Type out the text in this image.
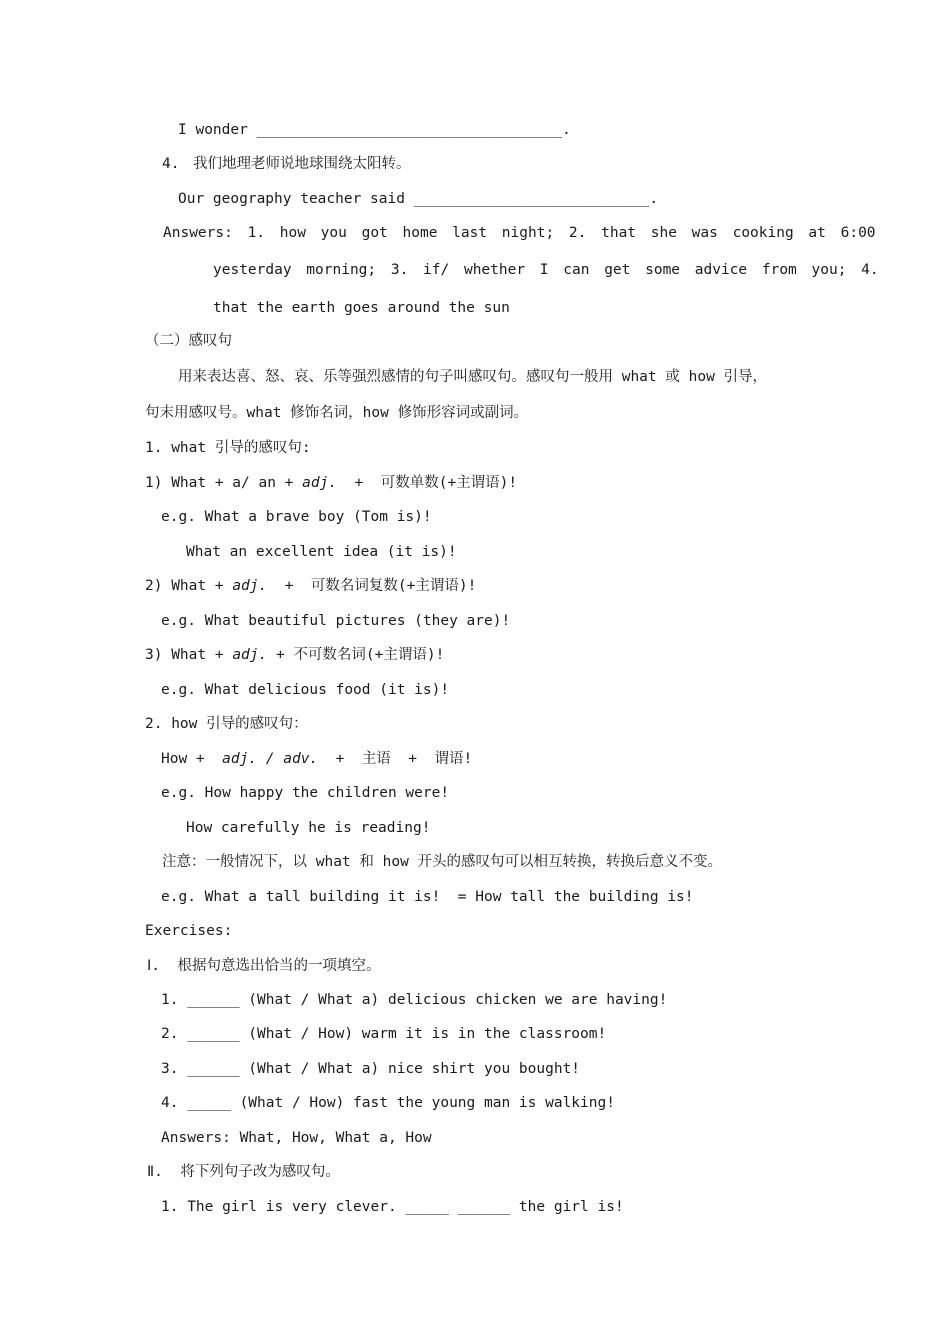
I wonder ___________________________________.
4. 我们地理老师说地球围绕太阳转。
Our geography teacher said ___________________________.
Answers: 1. how you got home last night; 2. that she was cooking at 6:00
yesterday morning; 3. if/ whether I can get some advice from you; 4.
that the earth goes around the sun
（二）感叹句
用来表达喜、怒、哀、乐等强烈感情的句子叫感叹句。感叹句一般用 what 或 how 引导，
句末用感叹号。what 修饰名词，how 修饰形容词或副词。
1. what 引导的感叹句:
1) What + a/ an + adj.  +  可数单数(+主谓语)!
e.g. What a brave boy (Tom is)!
What an excellent idea (it is)!
2) What + adj.  +  可数名词复数(+主谓语)!
e.g. What beautiful pictures (they are)!
3) What + adj. + 不可数名词(+主谓语)!
e.g. What delicious food (it is)!
2. how 引导的感叹句：
How +  adj. / adv.  +  主语  +  谓语!
e.g. How happy the children were!
How carefully he is reading!
注意：一般情况下，以 what 和 how 开头的感叹句可以相互转换，转换后意义不变。
e.g. What a tall building it is!  = How tall the building is!
Exercises:
Ⅰ.  根据句意选出恰当的一项填空。
1. ______ (What / What a) delicious chicken we are having!
2. ______ (What / How) warm it is in the classroom!
3. ______ (What / What a) nice shirt you bought!
4. _____ (What / How) fast the young man is walking!
Answers: What, How, What a, How
Ⅱ.  将下列句子改为感叹句。
1. The girl is very clever. _____ ______ the girl is!
